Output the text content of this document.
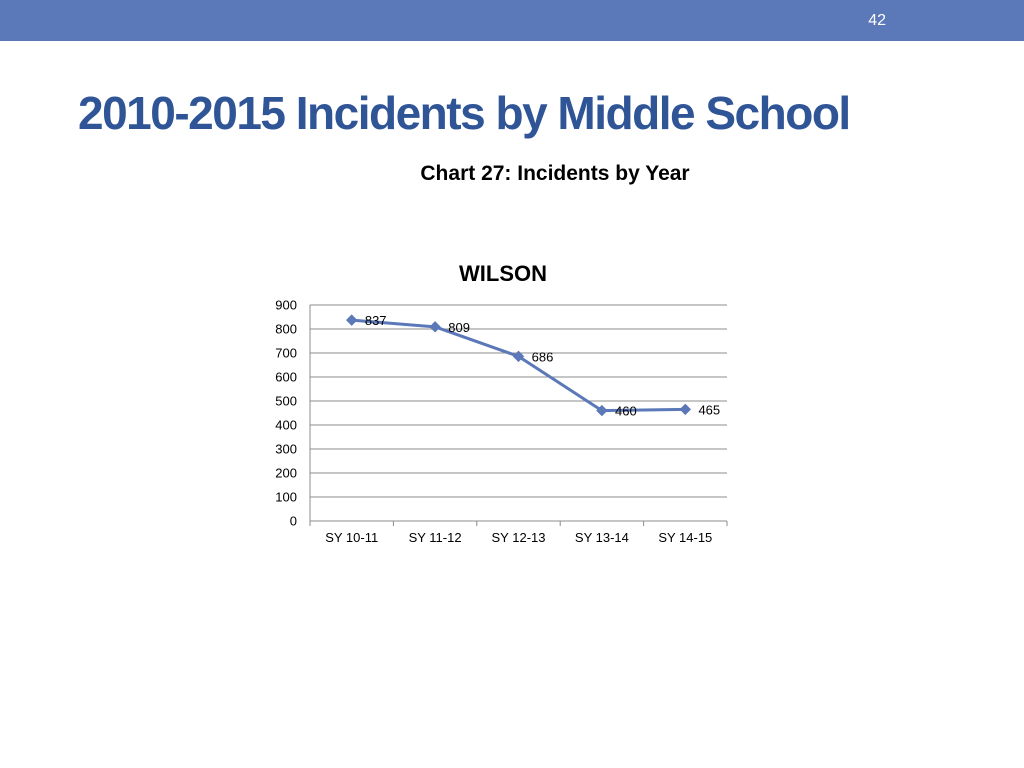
42
2010-2015 Incidents by Middle School
Chart 27: Incidents by Year
0
100
200
300
400
500
600
700
800
900
SY 10-11 SY 11-12 SY 12-13 SY 13-14 SY 14-15
837	809
686
460	465
WILSON
